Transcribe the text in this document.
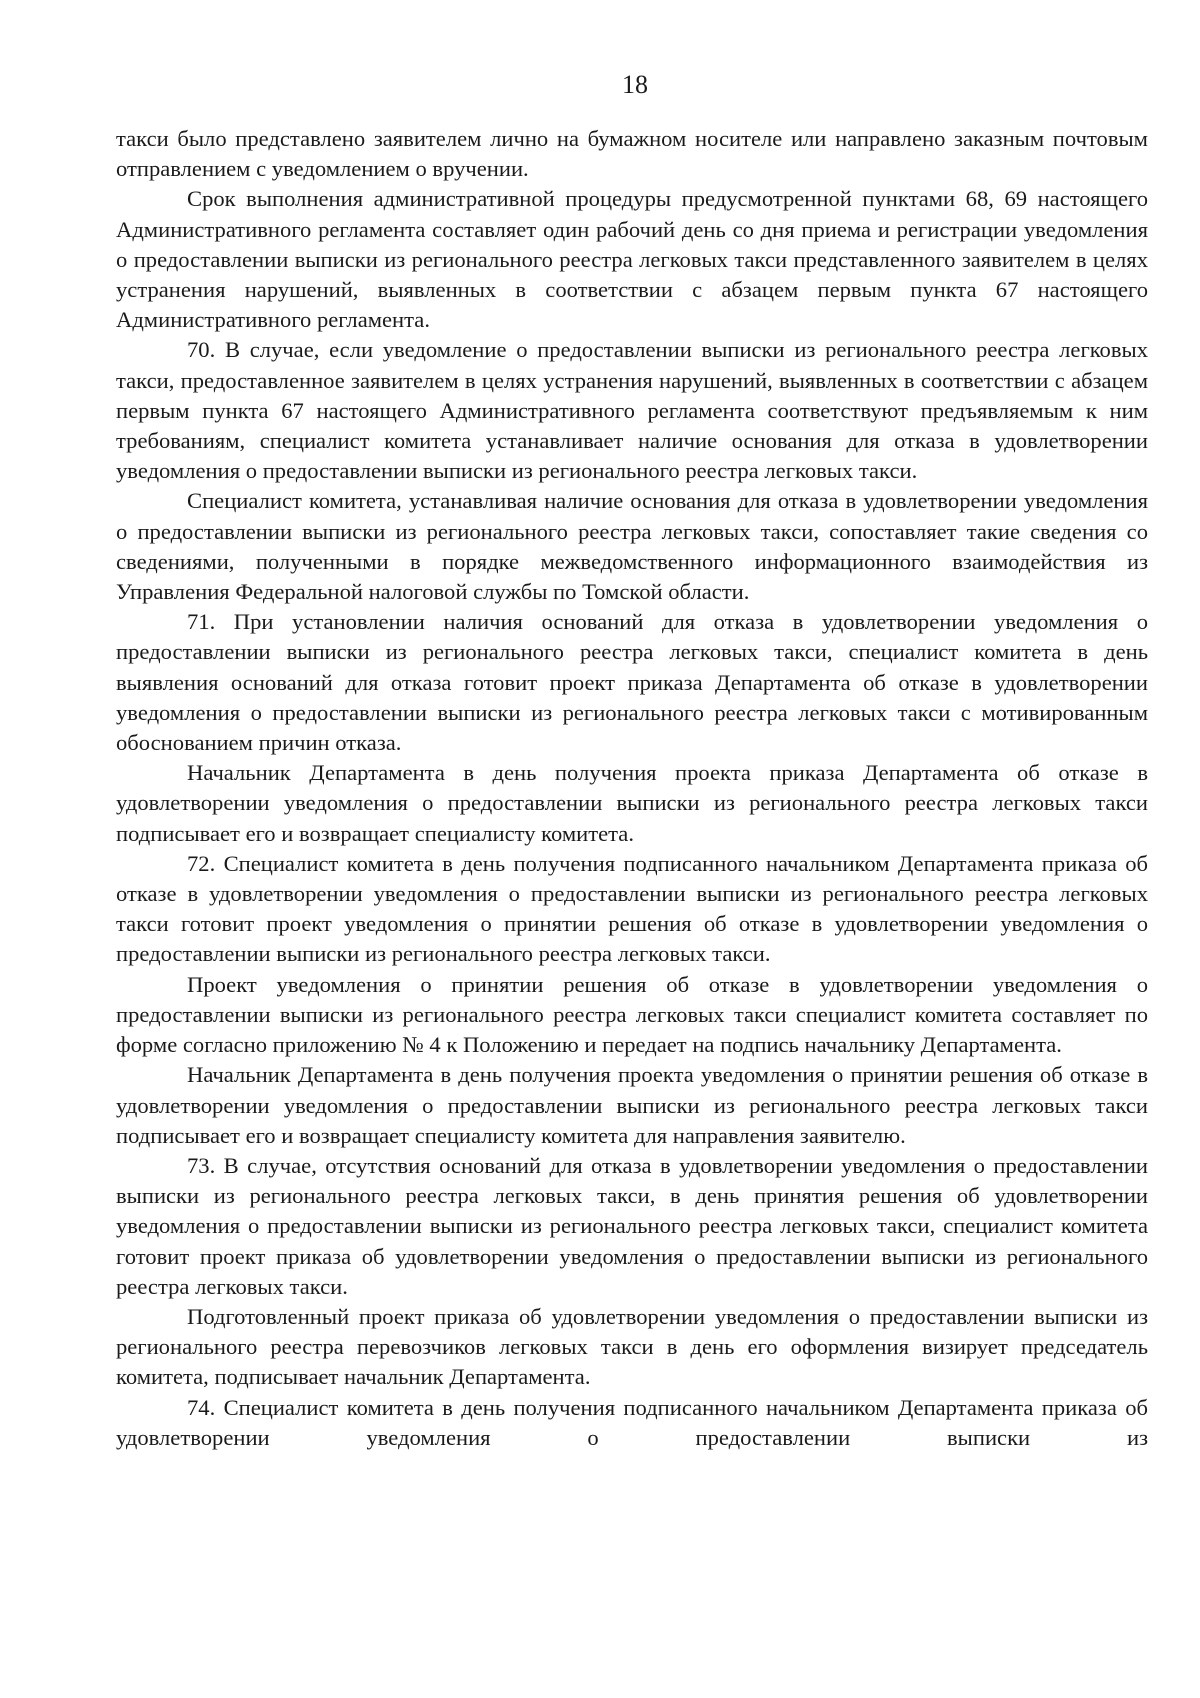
18

такси было представлено заявителем лично на бумажном носителе или направлено заказным почтовым отправлением с уведомлением о вручении.

Срок выполнения административной процедуры предусмотренной пунктами 68, 69 настоящего Административного регламента составляет один рабочий день со дня приема и регистрации уведомления о предоставлении выписки из регионального реестра легковых такси представленного заявителем в целях устранения нарушений, выявленных в соответствии с абзацем первым пункта 67 настоящего Административного регламента.

70. В случае, если уведомление о предоставлении выписки из регионального реестра легковых такси, предоставленное заявителем в целях устранения нарушений, выявленных в соответствии с абзацем первым пункта 67 настоящего Административного регламента соответствуют предъявляемым к ним требованиям, специалист комитета устанавливает наличие основания для отказа в удовлетворении уведомления о предоставлении выписки из регионального реестра легковых такси.

Специалист комитета, устанавливая наличие основания для отказа в удовлетворении уведомления о предоставлении выписки из регионального реестра легковых такси, сопоставляет такие сведения со сведениями, полученными в порядке межведомственного информационного взаимодействия из Управления Федеральной налоговой службы по Томской области.

71. При установлении наличия оснований для отказа в удовлетворении уведомления о предоставлении выписки из регионального реестра легковых такси, специалист комитета в день выявления оснований для отказа готовит проект приказа Департамента об отказе в удовлетворении уведомления о предоставлении выписки из регионального реестра легковых такси с мотивированным обоснованием причин отказа.

Начальник Департамента в день получения проекта приказа Департамента об отказе в удовлетворении уведомления о предоставлении выписки из регионального реестра легковых такси подписывает его и возвращает специалисту комитета.

72. Специалист комитета в день получения подписанного начальником Департамента приказа об отказе в удовлетворении уведомления о предоставлении выписки из регионального реестра легковых такси готовит проект уведомления о принятии решения об отказе в удовлетворении уведомления о предоставлении выписки из регионального реестра легковых такси.

Проект уведомления о принятии решения об отказе в удовлетворении уведомления о предоставлении выписки из регионального реестра легковых такси специалист комитета составляет по форме согласно приложению № 4 к Положению и передает на подпись начальнику Департамента.

Начальник Департамента в день получения проекта уведомления о принятии решения об отказе в удовлетворении уведомления о предоставлении выписки из регионального реестра легковых такси подписывает его и возвращает специалисту комитета для направления заявителю.

73. В случае, отсутствия оснований для отказа в удовлетворении уведомления о предоставлении выписки из регионального реестра легковых такси, в день принятия решения об удовлетворении уведомления о предоставлении выписки из регионального реестра легковых такси, специалист комитета готовит проект приказа об удовлетворении уведомления о предоставлении выписки из регионального реестра легковых такси.

Подготовленный проект приказа об удовлетворении уведомления о предоставлении выписки из регионального реестра перевозчиков легковых такси в день его оформления визирует председатель комитета, подписывает начальник Департамента.

74. Специалист комитета в день получения подписанного начальником Департамента приказа об удовлетворении уведомления о предоставлении выписки из
